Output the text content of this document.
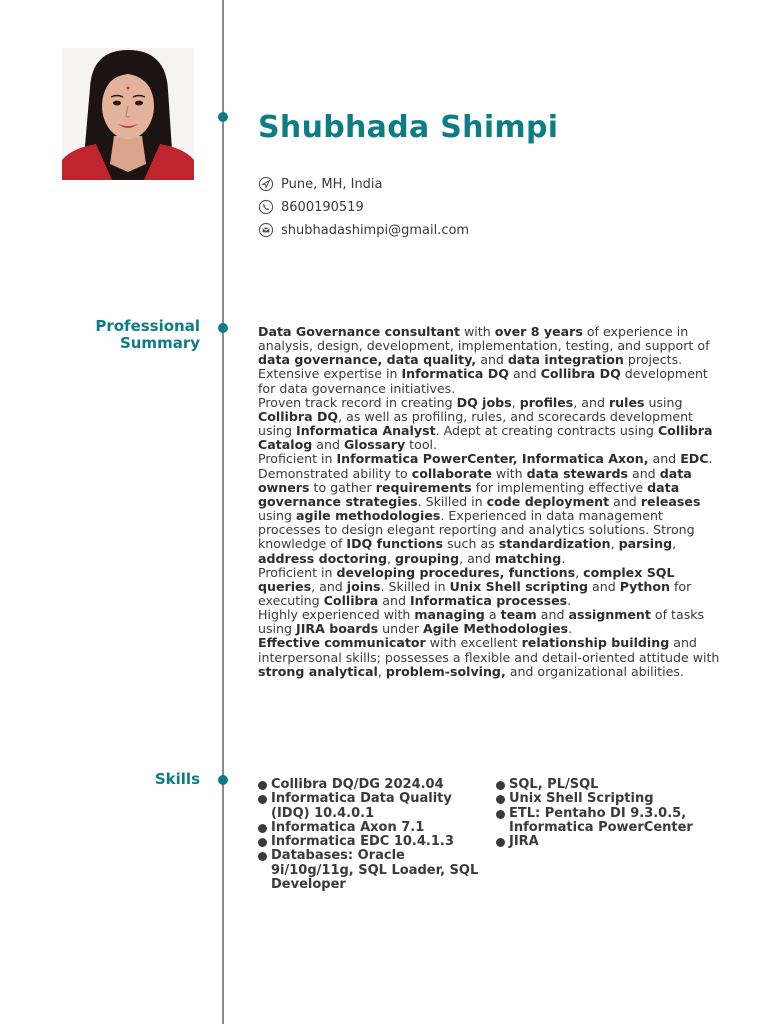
Shubhada Shimpi
Pune, MH, India
8600190519
shubhadashimpi@gmail.com
Professional
Summary

Data Governance consultant with over 8 years of experience in analysis, design, development, implementation, testing, and support of data governance, data quality, and data integration projects.

Extensive expertise in Informatica DQ and Collibra DQ development for data governance initiatives.

Proven track record in creating DQ jobs, profiles, and rules using Collibra DQ, as well as profiling, rules, and scorecards development using Informatica Analyst. Adept at creating contracts using Collibra Catalog and Glossary tool.

Proficient in Informatica PowerCenter, Informatica Axon, and EDC.

Demonstrated ability to collaborate with data stewards and data owners to gather requirements for implementing effective data governance strategies. Skilled in code deployment and releases using agile methodologies. Experienced in data management processes to design elegant reporting and analytics solutions. Strong knowledge of IDQ functions such as standardization, parsing, address doctoring, grouping, and matching.

Proficient in developing procedures, functions, complex SQL queries, and joins. Skilled in Unix Shell scripting and Python for executing Collibra and Informatica processes.

Highly experienced with managing a team and assignment of tasks using JIRA boards under Agile Methodologies.

Effective communicator with excellent relationship building and interpersonal skills; possesses a flexible and detail-oriented attitude with strong analytical, problem-solving, and organizational abilities.

Skills	Collibra DQ/DG 2024.04
Informatica Data Quality (IDQ) 10.4.0.1
Informatica Axon 7.1
Informatica EDC 10.4.1.3
Databases: Oracle 9i/10g/11g, SQL Loader, SQL Developer
SQL, PL/SQL
Unix Shell Scripting
ETL: Pentaho DI 9.3.0.5, Informatica PowerCenter
JIRA
